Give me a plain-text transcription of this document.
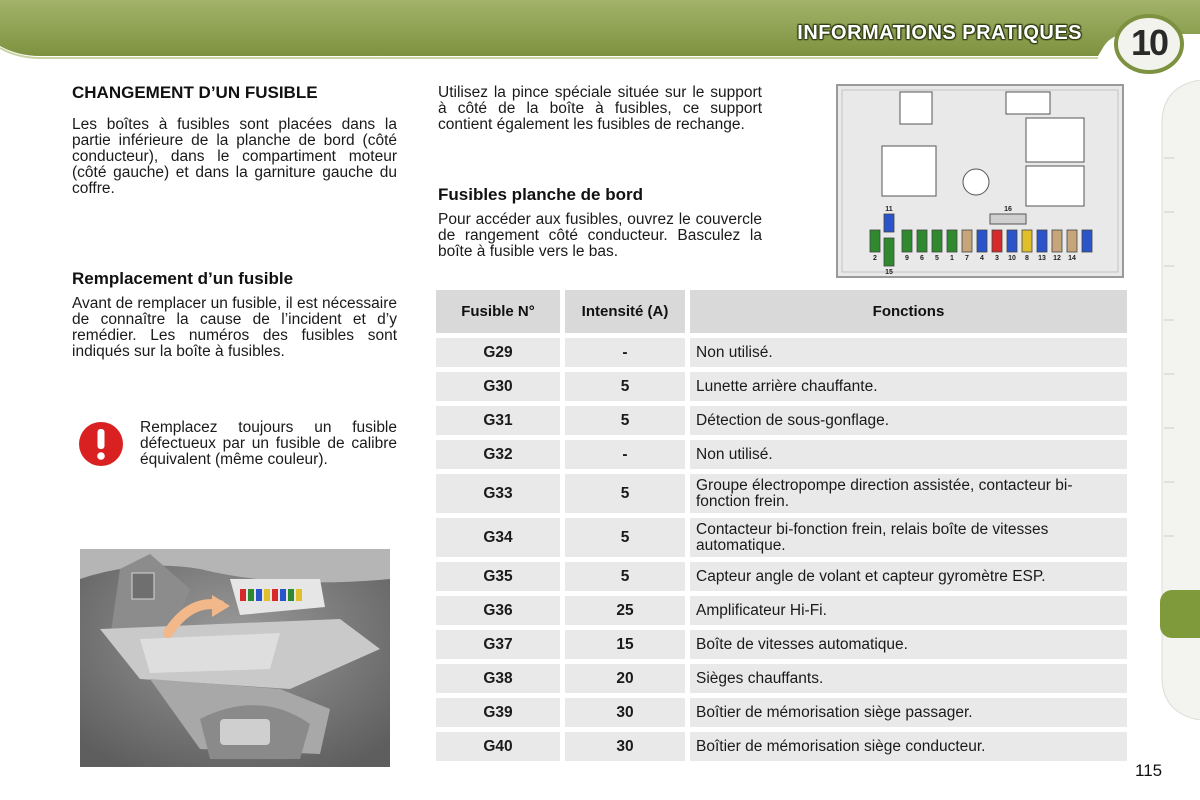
INFORMATIONS PRATIQUES	10
CHANGEMENT D’UN FUSIBLE
Les boîtes à fusibles sont placées dans la partie inférieure de la planche de bord (côté conducteur), dans le compartiment moteur (côté gauche) et dans la garniture gauche du coffre.
Remplacement d’un fusible
Avant de remplacer un fusible, il est nécessaire de connaître la cause de l’incident et d’y remédier. Les numéros des fusibles sont indiqués sur la boîte à fusibles.
Remplacez toujours un fusible défectueux par un fusible de calibre équivalent (même couleur).
Utilisez la pince spéciale située sur le support à côté de la boîte à fusibles, ce support contient également les fusibles de rechange.
Fusibles planche de bord
Pour accéder aux fusibles, ouvrez le couvercle de rangement côté conducteur. Basculez la boîte à fusible vers le bas.
11	16
2
15
9 6 5 1 7 4 3 10 8 13 12 14
Fusible N°	Intensité (A)	Fonctions
G29	-	Non utilisé.
G30	5	Lunette arrière chauffante.
G31	5	Détection de sous-gonflage.
G32	-	Non utilisé.
G33	5	Groupe électropompe direction assistée, contacteur bi-fonction frein.
G34	5	Contacteur bi-fonction frein, relais boîte de vitesses automatique.
G35	5	Capteur angle de volant et capteur gyromètre ESP.
G36	25	Amplificateur Hi-Fi.
G37	15	Boîte de vitesses automatique.
G38	20	Sièges chauffants.
G39	30	Boîtier de mémorisation siège passager.
G40	30	Boîtier de mémorisation siège conducteur.
115
